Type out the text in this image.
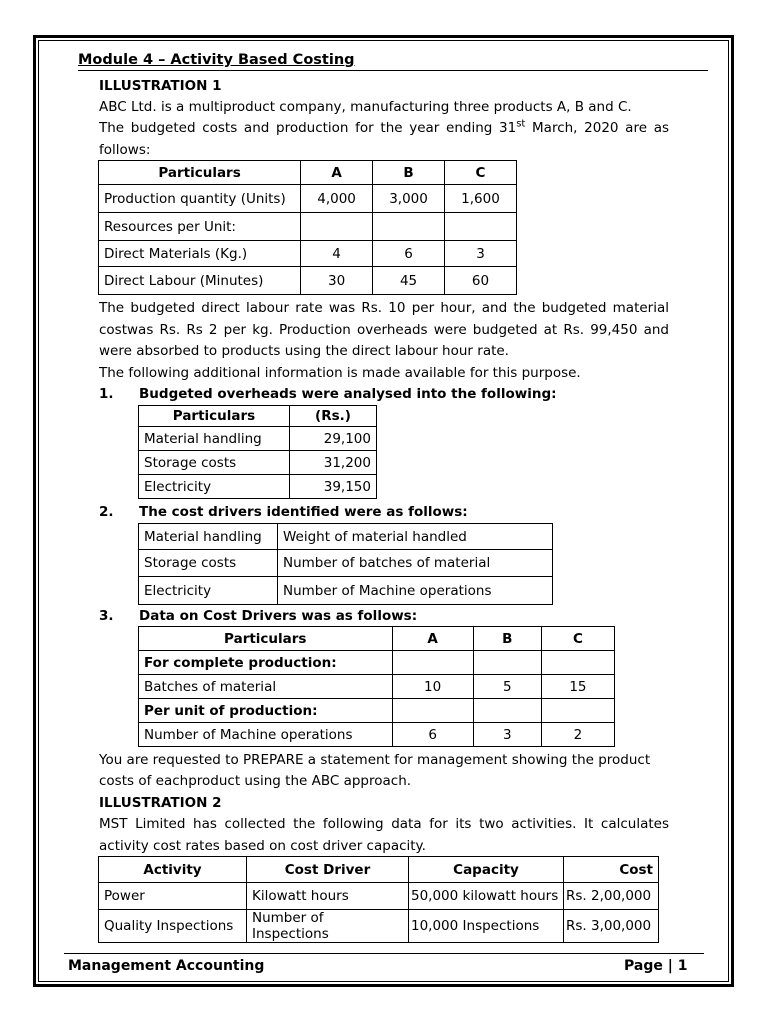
Module 4 – Activity Based Costing
ILLUSTRATION 1
ABC Ltd. is a multiproduct company, manufacturing three products A, B and C.
The budgeted costs and production for the year ending 31st March, 2020 are as
follows:
Particulars	A	B	C
Production quantity (Units)	4,000	3,000	1,600
Resources per Unit:			
Direct Materials (Kg.)	4	6	3
Direct Labour (Minutes)	30	45	60
The budgeted direct labour rate was Rs. 10 per hour, and the budgeted material
costwas Rs. Rs 2 per kg. Production overheads were budgeted at Rs. 99,450 and
were absorbed to products using the direct labour hour rate.
The following additional information is made available for this purpose.
1. Budgeted overheads were analysed into the following:
Particulars	(Rs.)
Material handling	29,100
Storage costs	31,200
Electricity	39,150
2. The cost drivers identified were as follows:
Material handling	Weight of material handled
Storage costs	Number of batches of material
Electricity	Number of Machine operations
3. Data on Cost Drivers was as follows:
Particulars	A	B	C
For complete production:			
Batches of material	10	5	15
Per unit of production:			
Number of Machine operations	6	3	2
You are requested to PREPARE a statement for management showing the product
costs of eachproduct using the ABC approach.
ILLUSTRATION 2
MST Limited has collected the following data for its two activities. It calculates
activity cost rates based on cost driver capacity.
Activity	Cost Driver	Capacity	Cost
Power	Kilowatt hours	50,000 kilowatt hours	Rs. 2,00,000
Quality Inspections	Number of Inspections	10,000 Inspections	Rs. 3,00,000
Management Accounting	Page | 1
